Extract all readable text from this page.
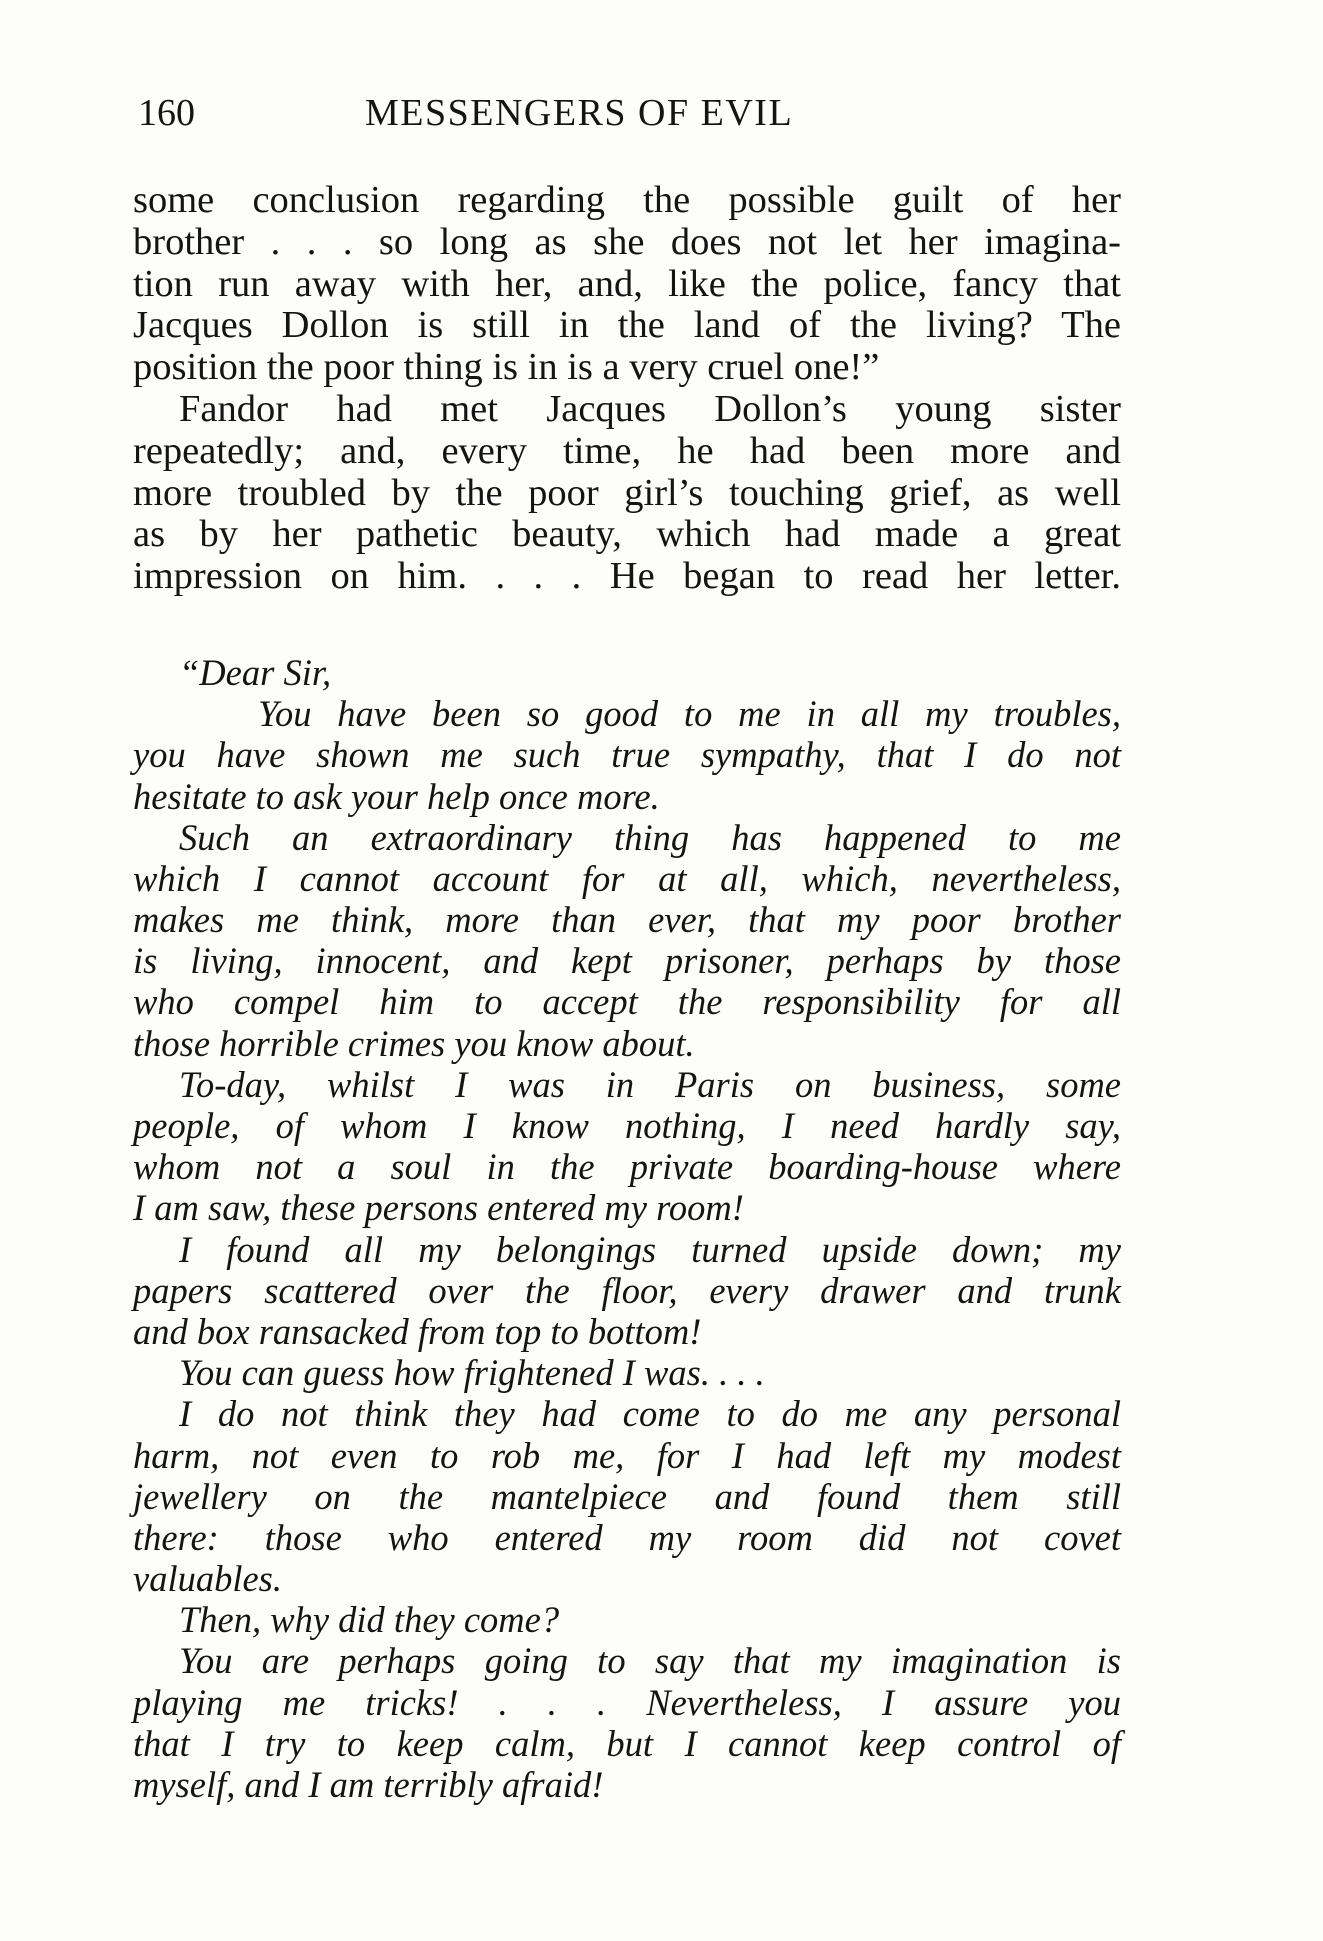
160	MESSENGERS OF EVIL
some conclusion regarding the possible guilt of her
brother . . . so long as she does not let her imagina-
tion run away with her, and, like the police, fancy that
Jacques Dollon is still in the land of the living? The
position the poor thing is in is a very cruel one!”
Fandor had met Jacques Dollon’s young sister
repeatedly; and, every time, he had been more and
more troubled by the poor girl’s touching grief, as well
as by her pathetic beauty, which had made a great
impression on him. . . . He began to read her letter.
“Dear Sir,
You have been so good to me in all my troubles,
you have shown me such true sympathy, that I do not
hesitate to ask your help once more.
Such an extraordinary thing has happened to me
which I cannot account for at all, which, nevertheless,
makes me think, more than ever, that my poor brother
is living, innocent, and kept prisoner, perhaps by those
who compel him to accept the responsibility for all
those horrible crimes you know about.
To-day, whilst I was in Paris on business, some
people, of whom I know nothing, I need hardly say,
whom not a soul in the private boarding-house where
I am saw, these persons entered my room!
I found all my belongings turned upside down; my
papers scattered over the floor, every drawer and trunk
and box ransacked from top to bottom!
You can guess how frightened I was. . . .
I do not think they had come to do me any personal
harm, not even to rob me, for I had left my modest
jewellery on the mantelpiece and found them still
there: those who entered my room did not covet
valuables.
Then, why did they come?
You are perhaps going to say that my imagination is
playing me tricks! . . . Nevertheless, I assure you
that I try to keep calm, but I cannot keep control of
myself, and I am terribly afraid!
